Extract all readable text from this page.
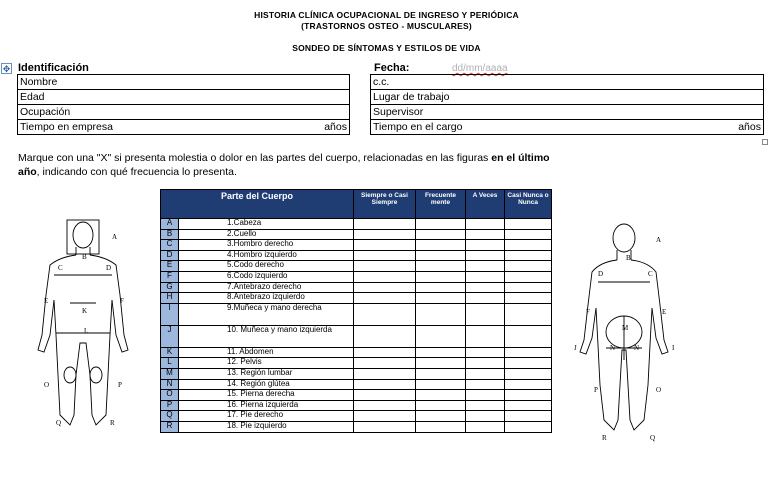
HISTORIA CLÍNICA OCUPACIONAL DE INGRESO Y PERIÓDICA
(TRASTORNOS OSTEO - MUSCULARES)
SONDEO DE SÍNTOMAS Y ESTILOS DE VIDA
✥ Identificación	Fecha:	dd/mm/aaaa
Nombre
Edad
Ocupación
Tiempo en empresa	años
c.c.
Lugar de trabajo
Supervisor
Tiempo en el cargo	años
Marque con una "X" si presenta molestia o dolor en las partes del cuerpo, relacionadas en las figuras en el último
año, indicando con qué frecuencia lo presenta.
Parte del Cuerpo		Siempre o Casi Siempre	Frecuente mente	A Veces	Casi Nunca o Nunca
A	1.Cabeza				
B	2.Cuello				
C	3.Hombro derecho				
D	4.Hombro izquierdo				
E	5.Codo derecho				
F	6.Codo izquierdo				
G	7.Antebrazo derecho				
H	8.Antebrazo izquierdo				
I	9.Muñeca y mano derecha				
J	10. Muñeca y mano izquierda				
K	11. Abdomen				
L	12. Pelvis				
M	13. Región lumbar				
N	14. Región glútea				
O	15. Pierna derecha				
P	16. Pierna izquierda				
Q	17. Pie derecho				
R	18. Pie izquierdo				
A
B
C	D
E	F
K
L
O	P
Q	R
A
B
C
D
F	E
M
N	N
J	I
P	O
R	Q
